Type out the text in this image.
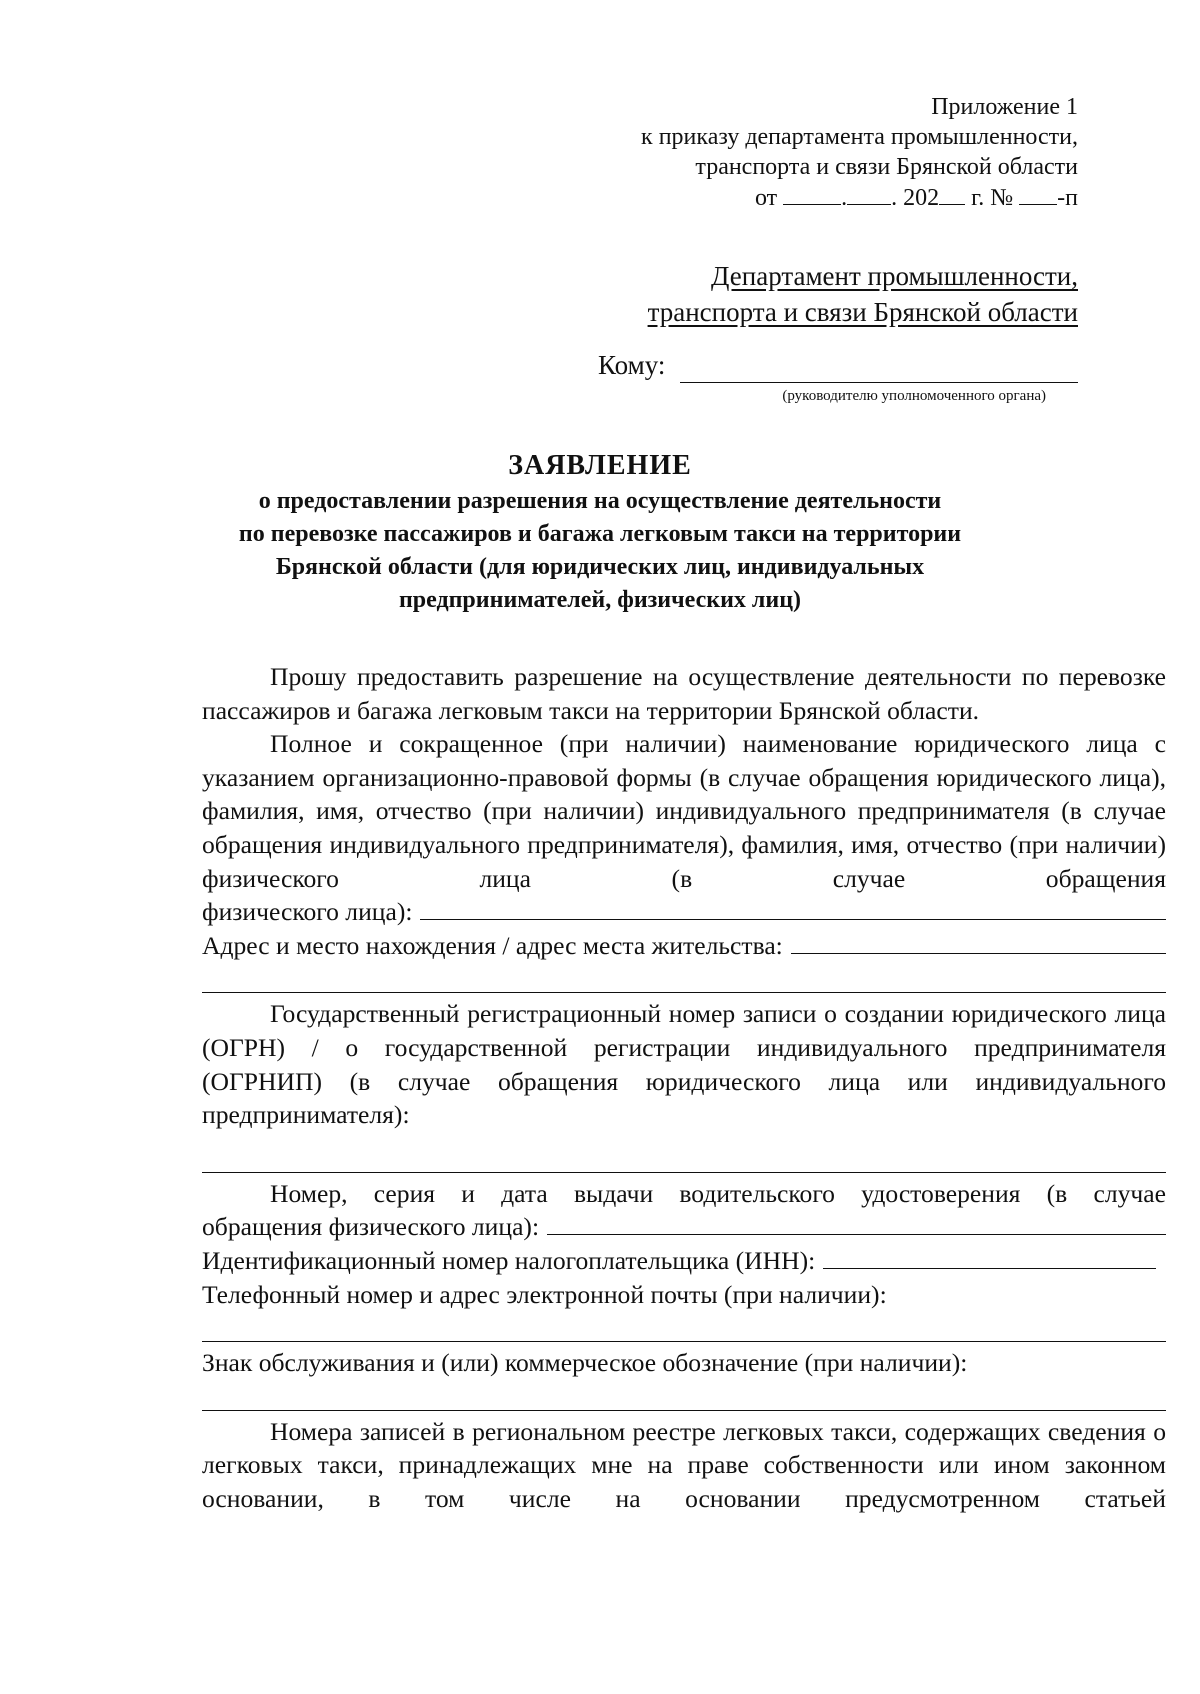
Приложение 1
к приказу департамента промышленности,
транспорта и связи Брянской области
от	. . 202 г. № -п
Департамент промышленности,
транспорта и связи Брянской области
Кому:
(руководителю уполномоченного органа)
ЗАЯВЛЕНИЕ
о предоставлении разрешения на осуществление деятельности
по перевозке пассажиров и багажа легковым такси на территории
Брянской области (для юридических лиц, индивидуальных
предпринимателей, физических лиц)

Прошу предоставить разрешение на осуществление деятельности по перевозке пассажиров и багажа легковым такси на территории Брянской области.

Полное и сокращенное (при наличии) наименование юридического лица с указанием организационно-правовой формы (в случае обращения юридического лица), фамилия, имя, отчество (при наличии) индивидуального предпринимателя (в случае обращения индивидуального предпринимателя), фамилия, имя, отчество (при наличии) физического лица (в случае обращения

физического лица):
Адрес и место нахождения / адрес места жительства:

Государственный регистрационный номер записи о создании юридического лица (ОГРН) / о государственной регистрации индивидуального предпринимателя (ОГРНИП) (в случае обращения юридического лица или индивидуального предпринимателя):

Номер, серия и дата выдачи водительского удостоверения (в случае

обращения физического лица):
Идентификационный номер налогоплательщика (ИНН):
Телефонный номер и адрес электронной почты (при наличии):
Знак обслуживания и (или) коммерческое обозначение (при наличии):

Номера записей в региональном реестре легковых такси, содержащих сведения о легковых такси, принадлежащих мне на праве собственности или ином законном основании, в том числе на основании предусмотренном статьей
